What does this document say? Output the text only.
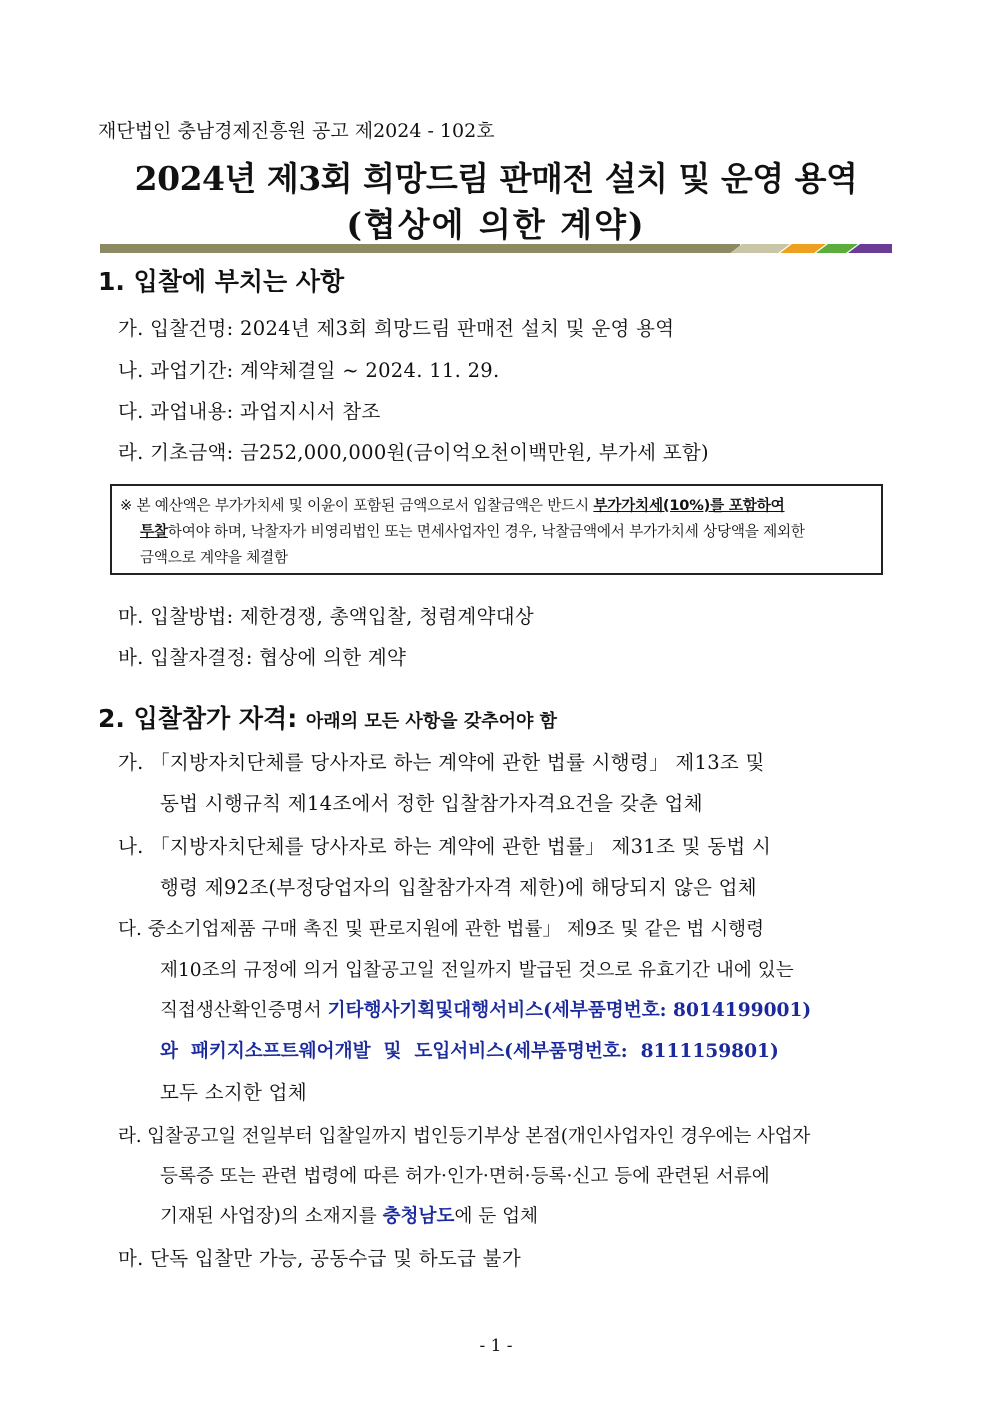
재단법인 충남경제진흥원 공고 제2024 - 102호
2024년 제3회 희망드림 판매전 설치 및 운영 용역
(협상에 의한 계약)
1. 입찰에 부치는 사항
가. 입찰건명: 2024년 제3회 희망드림 판매전 설치 및 운영 용역
나. 과업기간: 계약체결일 ~ 2024. 11. 29.
다. 과업내용: 과업지시서 참조
라. 기초금액: 금252,000,000원(금이억오천이백만원, 부가세 포함)
※ 본 예산액은 부가가치세 및 이윤이 포함된 금액으로서 입찰금액은 반드시 부가가치세(10%)를 포함하여
투찰하여야 하며, 낙찰자가 비영리법인 또는 면세사업자인 경우, 낙찰금액에서 부가가치세 상당액을 제외한
금액으로 계약을 체결함
마. 입찰방법: 제한경쟁, 총액입찰, 청렴계약대상
바. 입찰자결정: 협상에 의한 계약
2. 입찰참가 자격: 아래의 모든 사항을 갖추어야 함
가. 「지방자치단체를 당사자로 하는 계약에 관한 법률 시행령」 제13조 및
동법 시행규칙 제14조에서 정한 입찰참가자격요건을 갖춘 업체
나. 「지방자치단체를 당사자로 하는 계약에 관한 법률」 제31조 및 동법 시
행령 제92조(부정당업자의 입찰참가자격 제한)에 해당되지 않은 업체
다. 중소기업제품 구매 촉진 및 판로지원에 관한 법률」 제9조 및 같은 법 시행령
제10조의 규정에 의거 입찰공고일 전일까지 발급된 것으로 유효기간 내에 있는
직접생산확인증명서 기타행사기획및대행서비스(세부품명번호: 8014199001)
와  패키지소프트웨어개발  및  도입서비스(세부품명번호:  8111159801)
모두 소지한 업체
라. 입찰공고일 전일부터 입찰일까지 법인등기부상 본점(개인사업자인 경우에는 사업자
등록증 또는 관련 법령에 따른 허가·인가·면허·등록·신고 등에 관련된 서류에
기재된 사업장)의 소재지를 충청남도에 둔 업체
마. 단독 입찰만 가능, 공동수급 및 하도급 불가
- 1 -
